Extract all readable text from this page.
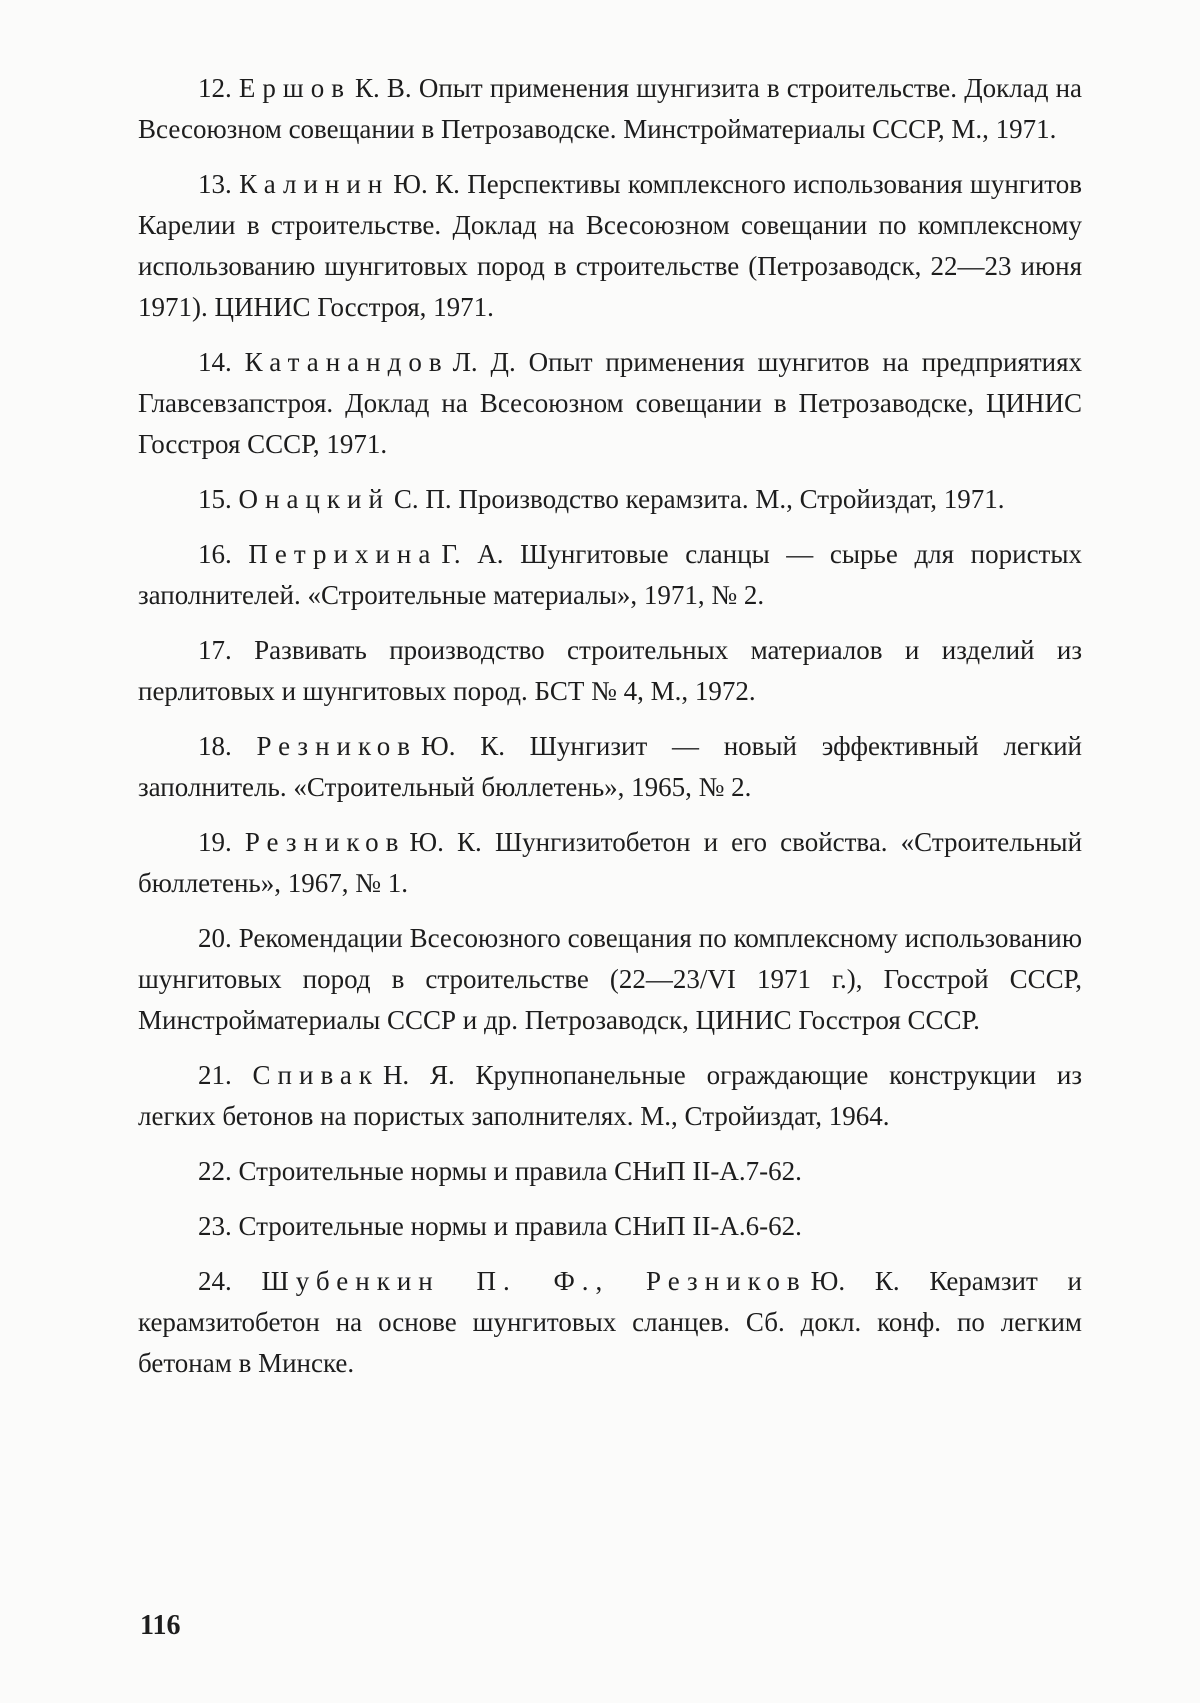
12. Ершов К. В. Опыт применения шунгизита в строительстве. Доклад на Всесоюзном совещании в Петрозаводске. Минстройматериалы СССР, М., 1971.

13. Калинин Ю. К. Перспективы комплексного использования шунгитов Карелии в строительстве. Доклад на Всесоюзном совещании по комплексному использованию шунгитовых пород в строительстве (Петрозаводск, 22—23 июня 1971). ЦИНИС Госстроя, 1971.

14. Катанандов Л. Д. Опыт применения шунгитов на предприятиях Главсевзапстроя. Доклад на Всесоюзном совещании в Петрозаводске, ЦИНИС Госстроя СССР, 1971.

15. Онацкий С. П. Производство керамзита. М., Стройиздат, 1971.

16. Петрихина Г. А. Шунгитовые сланцы — сырье для пористых заполнителей. «Строительные материалы», 1971, № 2.

17. Развивать производство строительных материалов и изделий из перлитовых и шунгитовых пород. БСТ № 4, М., 1972.

18. Резников Ю. К. Шунгизит — новый эффективный легкий заполнитель. «Строительный бюллетень», 1965, № 2.

19. Резников Ю. К. Шунгизитобетон и его свойства. «Строительный бюллетень», 1967, № 1.

20. Рекомендации Всесоюзного совещания по комплексному использованию шунгитовых пород в строительстве (22—23/VI 1971 г.), Госстрой СССР, Минстройматериалы СССР и др. Петрозаводск, ЦИНИС Госстроя СССР.

21. Спивак Н. Я. Крупнопанельные ограждающие конструкции из легких бетонов на пористых заполнителях. М., Стройиздат, 1964.

22. Строительные нормы и правила СНиП II-А.7-62.

23. Строительные нормы и правила СНиП II-А.6-62.

24. Шубенкин П. Ф., Резников Ю. К. Керамзит и керамзитобетон на основе шунгитовых сланцев. Сб. докл. конф. по легким бетонам в Минске.

116
